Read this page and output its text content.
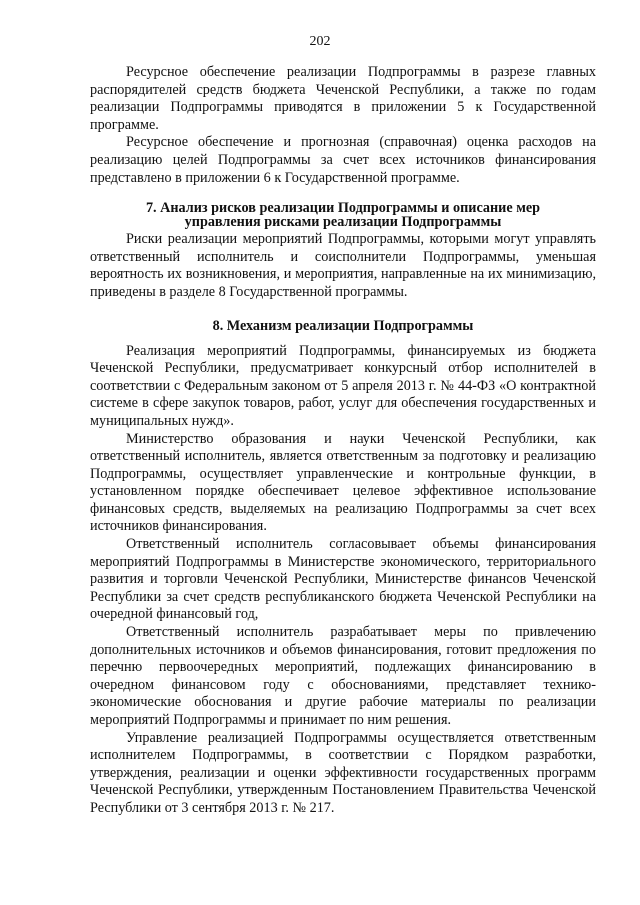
202

Ресурсное обеспечение реализации Подпрограммы в разрезе главных распорядителей средств бюджета Чеченской Республики, а также по годам реализации Подпрограммы приводятся в приложении 5 к Государственной программе.

Ресурсное обеспечение и прогнозная (справочная) оценка расходов на реализацию целей Подпрограммы за счет всех источников финансирования представлено в приложении 6 к Государственной программе.

7. Анализ рисков реализации Подпрограммы и описание мер
управления рисками реализации Подпрограммы

Риски реализации мероприятий Подпрограммы, которыми могут управлять ответственный исполнитель и соисполнители Подпрограммы, уменьшая вероятность их возникновения, и мероприятия, направленные на их минимизацию, приведены в разделе 8 Государственной программы.

8. Механизм реализации Подпрограммы

Реализация мероприятий Подпрограммы, финансируемых из бюджета Чеченской Республики, предусматривает конкурсный отбор исполнителей в соответствии с Федеральным законом от 5 апреля 2013 г. № 44-ФЗ «О контрактной системе в сфере закупок товаров, работ, услуг для обеспечения государственных и муниципальных нужд».

Министерство образования и науки Чеченской Республики, как ответственный исполнитель, является ответственным за подготовку и реализацию Подпрограммы, осуществляет управленческие и контрольные функции, в установленном порядке обеспечивает целевое эффективное использование финансовых средств, выделяемых на реализацию Подпрограммы за счет всех источников финансирования.

Ответственный исполнитель согласовывает объемы финансирования мероприятий Подпрограммы в Министерстве экономического, территориального развития и торговли Чеченской Республики, Министерстве финансов Чеченской Республики за счет средств республиканского бюджета Чеченской Республики на очередной финансовый год,

Ответственный исполнитель разрабатывает меры по привлечению дополнительных источников и объемов финансирования, готовит предложения по перечню первоочередных мероприятий, подлежащих финансированию в очередном финансовом году с обоснованиями, представляет технико-экономические обоснования и другие рабочие материалы по реализации мероприятий Подпрограммы и принимает по ним решения.

Управление реализацией Подпрограммы осуществляется ответственным исполнителем Подпрограммы, в соответствии с Порядком разработки, утверждения, реализации и оценки эффективности государственных программ Чеченской Республики, утвержденным Постановлением Правительства Чеченской Республики от 3 сентября 2013 г. № 217.
